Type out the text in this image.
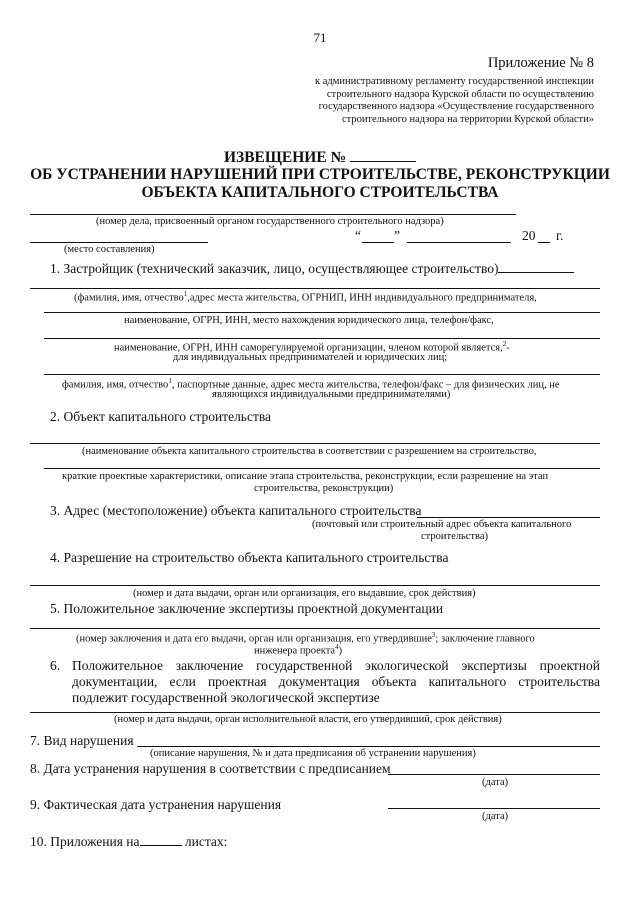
71
Приложение № 8
к административному регламенту государственной инспекции
строительного надзора Курской области по осуществлению
государственного надзора «Осуществление государственного
строительного надзора на территории Курской области»
ИЗВЕЩЕНИЕ №
ОБ УСТРАНЕНИИ НАРУШЕНИЙ ПРИ СТРОИТЕЛЬСТВЕ, РЕКОНСТРУКЦИИ
ОБЪЕКТА КАПИТАЛЬНОГО СТРОИТЕЛЬСТВА
(номер дела, присвоенный органом государственного строительного надзора)
(место составления)
“ ”	20 г.
1. Застройщик (технический заказчик, лицо, осуществляющее строительство)
(фамилия, имя, отчество$^1$,адрес места жительства, ОГРНИП, ИНН индивидуального предпринимателя,
наименование, ОГРН, ИНН, место нахождения юридического лица, телефон/факс,
наименование, ОГРН, ИНН саморегулируемой организации, членом которой является,$^2$-
для индивидуальных предпринимателей и юридических лиц;
фамилия, имя, отчество$^1$, паспортные данные, адрес места жительства, телефон/факс – для физических лиц, не
являющихся индивидуальными предпринимателями)
2. Объект капитального строительства
(наименование объекта капитального строительства в соответствии с разрешением на строительство,
краткие проектные характеристики, описание этапа строительства, реконструкции, если разрешение на этап
строительства, реконструкции)
3. Адрес (местоположение) объекта капитального строительства
(почтовый или строительный адрес объекта капитального
строительства)
4. Разрешение на строительство объекта капитального строительства
(номер и дата выдачи, орган или организация, его выдавшие, срок действия)
5. Положительное заключение экспертизы проектной документации
(номер заключения и дата его выдачи, орган или организация, его утвердившие$^3$; заключение главного
инженера проекта$^4$)
6. Положительное заключение государственной экологической экспертизы проектной документации, если проектная документация объекта капитального строительства подлежит государственной экологической экспертизе
(номер и дата выдачи, орган исполнительной власти, его утвердивший, срок действия)
7. Вид нарушения
(описание нарушения, № и дата предписания об устранении нарушения)
8. Дата устранения нарушения в соответствии с предписанием
(дата)
9. Фактическая дата устранения нарушения
(дата)
10. Приложения на	листах:
